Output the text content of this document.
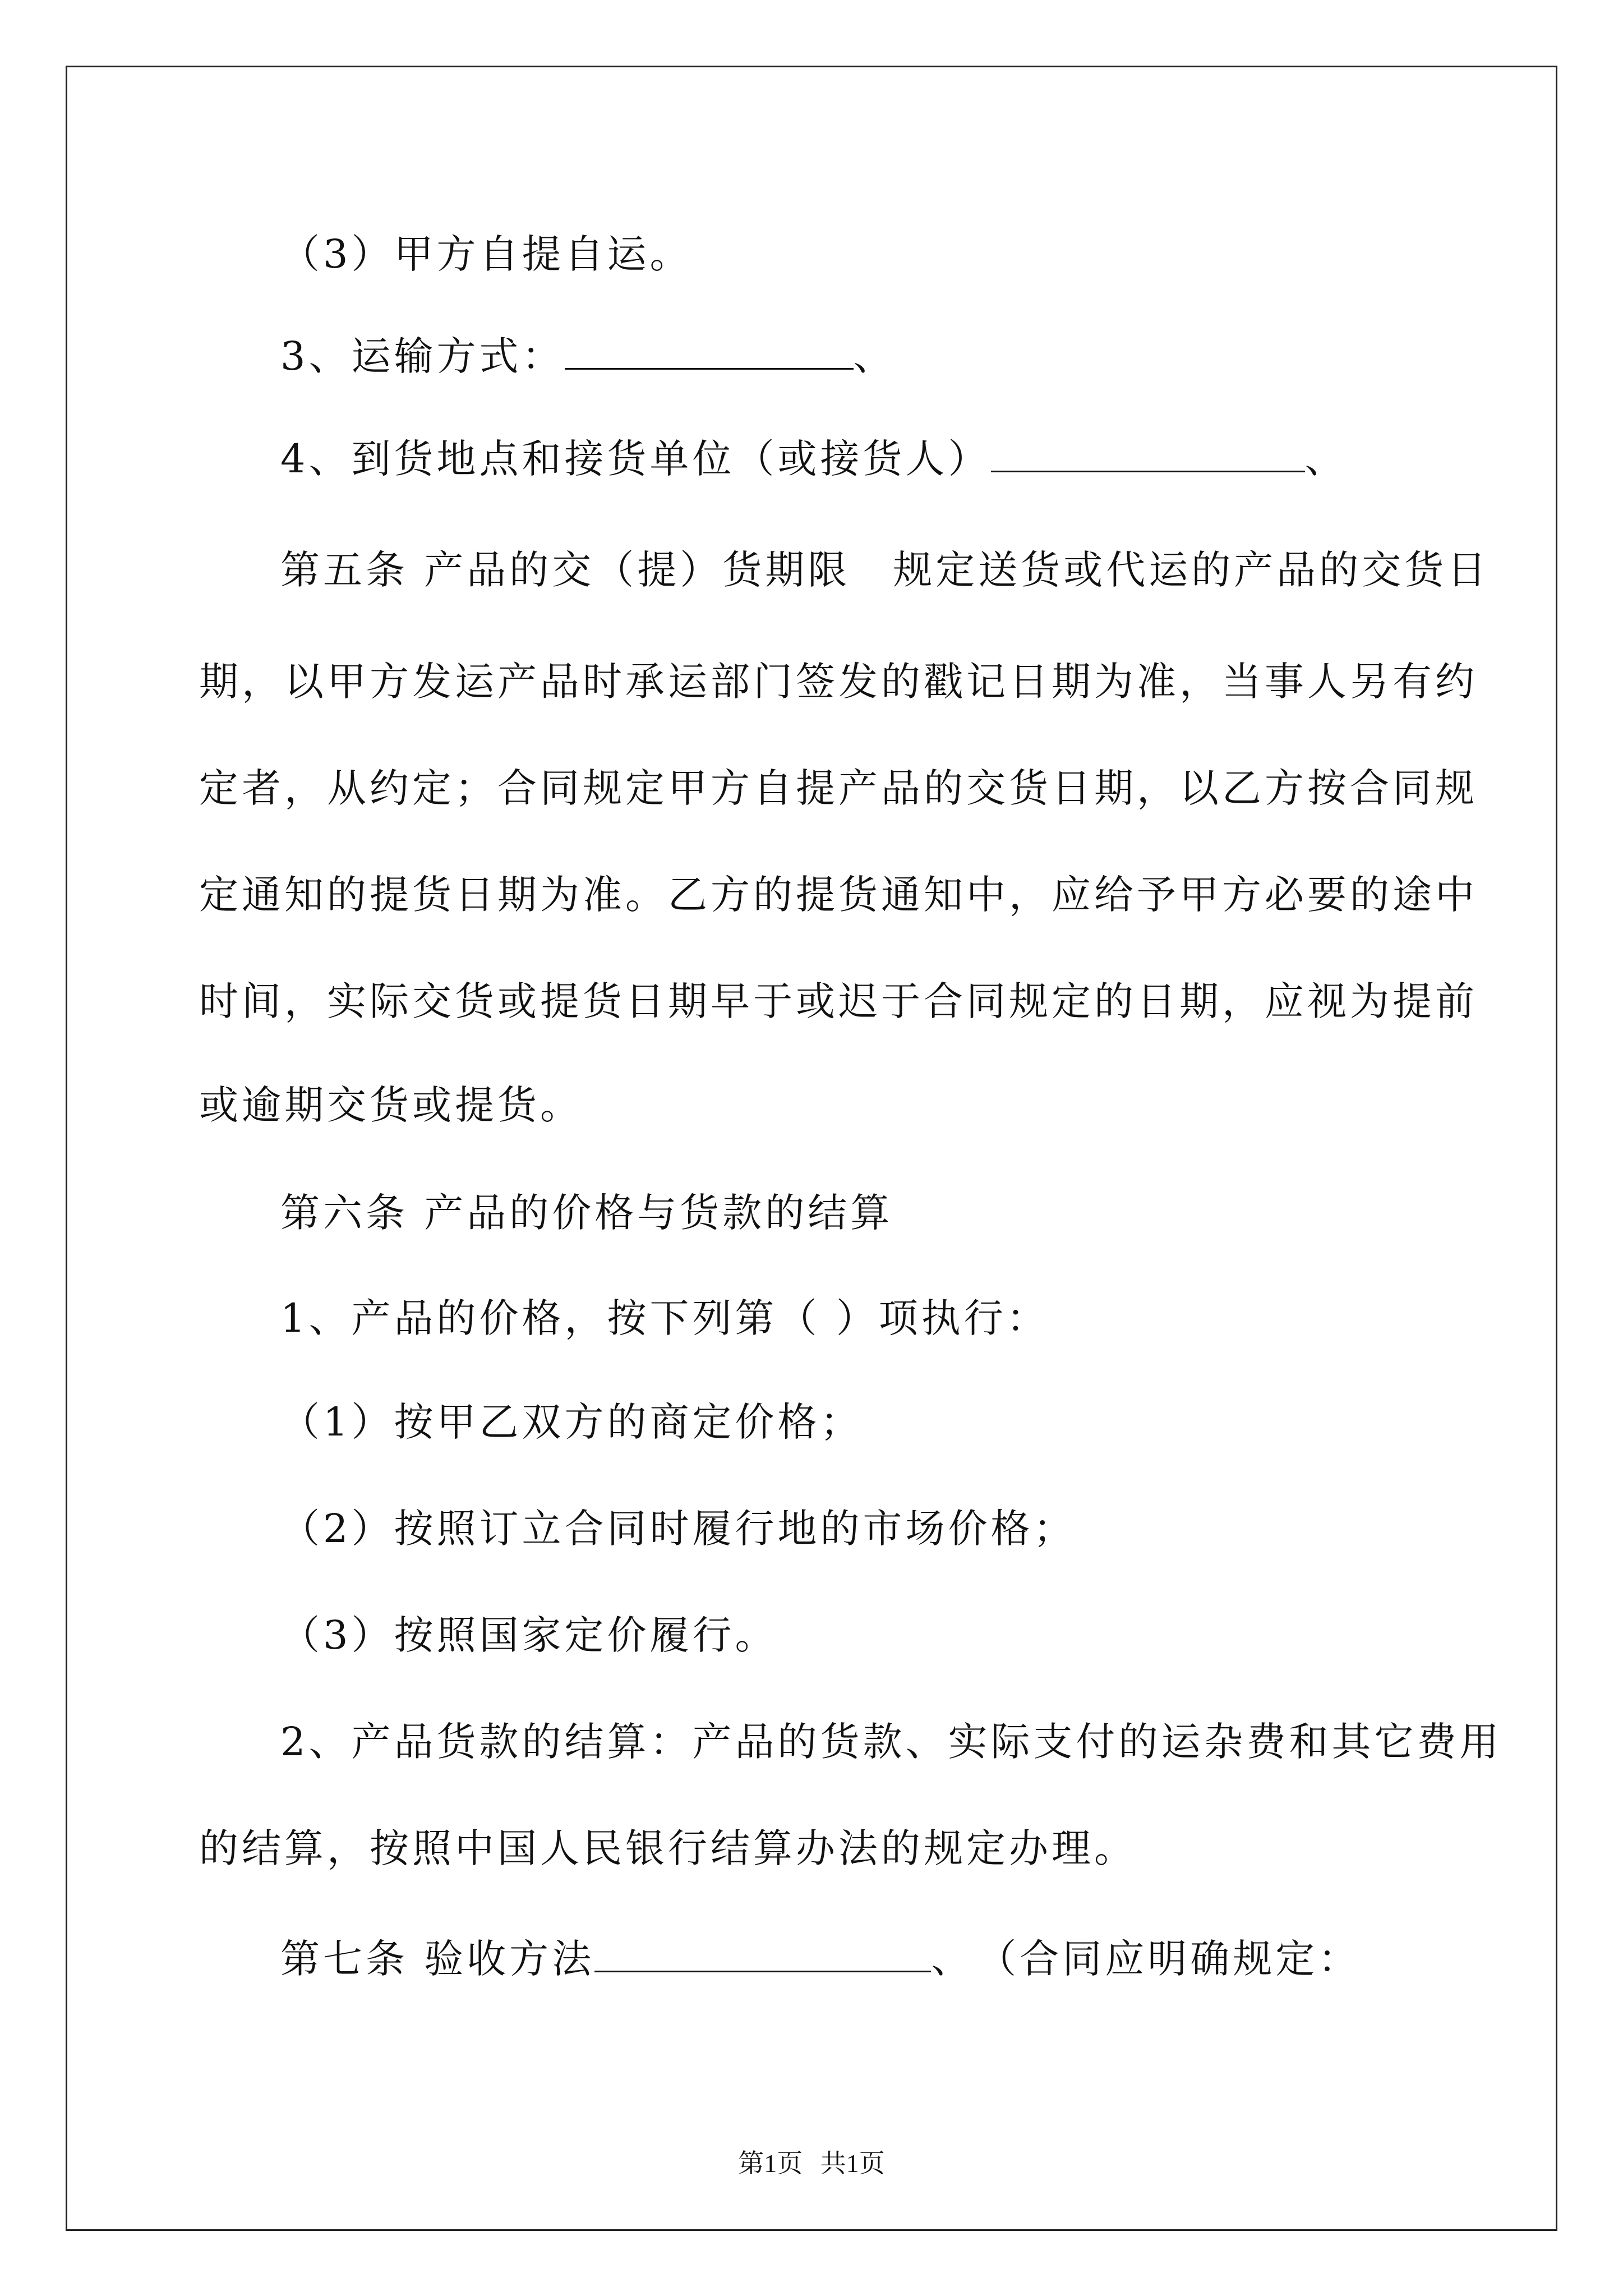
（3）甲方自提自运。
3、运输方式：	、
4、到货地点和接货单位（或接货人）	、
第五条 产品的交（提）货期限　规定送货或代运的产品的交货日
期，以甲方发运产品时承运部门签发的戳记日期为准，当事人另有约
定者，从约定；合同规定甲方自提产品的交货日期，以乙方按合同规
定通知的提货日期为准。乙方的提货通知中，应给予甲方必要的途中
时间，实际交货或提货日期早于或迟于合同规定的日期，应视为提前
或逾期交货或提货。
第六条 产品的价格与货款的结算
1、产品的价格，按下列第（ ）项执行：
（1）按甲乙双方的商定价格；
（2）按照订立合同时履行地的市场价格；
（3）按照国家定价履行。
2、产品货款的结算：产品的货款、实际支付的运杂费和其它费用
的结算，按照中国人民银行结算办法的规定办理。
第七条 验收方法	、　（合同应明确规定：
第1页 共1页
